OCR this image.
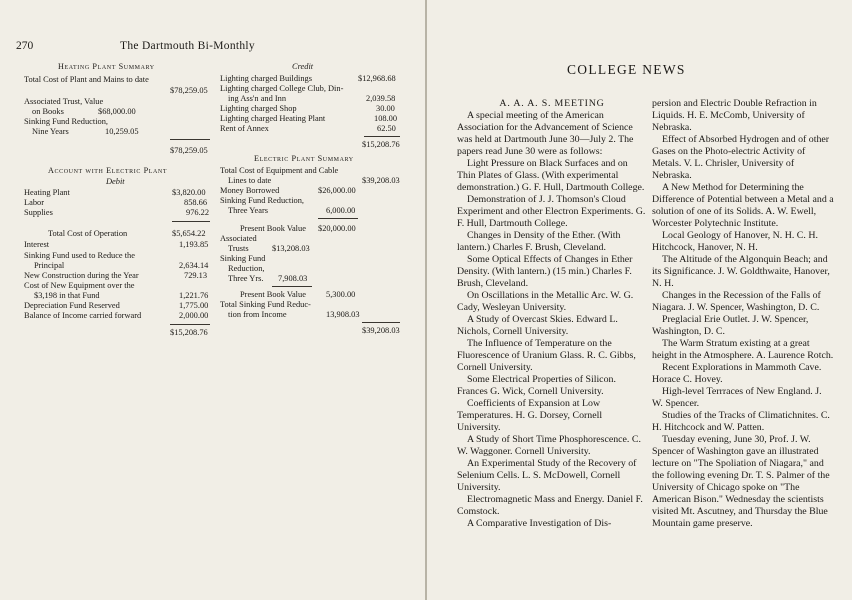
270	The Dartmouth Bi-Monthly
Heating Plant Summary
Total Cost of Plant and Mains to date
$78,259.05
Associated Trust, Value
on Books	$68,000.00
Sinking Fund Reduction,
Nine Years	10,259.05
$78,259.05
Account with Electric Plant
Debit
Heating Plant	$3,820.00
Labor	858.66
Supplies	976.22
Total Cost of Operation	$5,654.22
Interest	1,193.85
Sinking Fund used to Reduce the
Principal	2,634.14
New Construction during the Year	729.13
Cost of New Equipment over the
$3,198 in that Fund	1,221.76
Depreciation Fund Reserved	1,775.00
Balance of Income carried forward	2,000.00
$15,208.76
Credit
Lighting charged Buildings	$12,968.68
Lighting charged College Club, Din-
ing Ass'n and Inn	2,039.58
Lighting charged Shop	30.00
Lighting charged Heating Plant	108.00
Rent of Annex	62.50
$15,208.76
Electric Plant Summary
Total Cost of Equipment and Cable
Lines to date	$39,208.03
Money Borrowed	$26,000.00
Sinking Fund Reduction,
Three Years	6,000.00
Present Book Value $20,000.00
Associated
Trusts	$13,208.03
Sinking Fund
Reduction,
Three Yrs. 7,908.03
Present Book Value 5,300.00
Total Sinking Fund Reduc-
tion from Income	13,908.03
$39,208.03
COLLEGE NEWS

A. A. A. S. MEETING

A special meeting of the American Association for the Advancement of Science was held at Dartmouth June 30—July 2. The papers read June 30 were as follows:

Light Pressure on Black Surfaces and on Thin Plates of Glass. (With experimental demonstration.) G. F. Hull, Dartmouth College.

Demonstration of J. J. Thomson's Cloud Experiment and other Electron Experiments. G. F. Hull, Dartmouth College.

Changes in Density of the Ether. (With lantern.) Charles F. Brush, Cleveland.

Some Optical Effects of Changes in Ether Density. (With lantern.) (15 min.) Charles F. Brush, Cleveland.

On Oscillations in the Metallic Arc. W. G. Cady, Wesleyan University.

A Study of Overcast Skies. Edward L. Nichols, Cornell University.

The Influence of Temperature on the Fluorescence of Uranium Glass. R. C. Gibbs, Cornell University.

Some Electrical Properties of Silicon. Frances G. Wick, Cornell University.

Coefficients of Expansion at Low Temperatures. H. G. Dorsey, Cornell University.

A Study of Short Time Phosphorescence. C. W. Waggoner. Cornell University.

An Experimental Study of the Recovery of Selenium Cells. L. S. McDowell, Cornell University.

Electromagnetic Mass and Energy. Daniel F. Comstock.

A Comparative Investigation of Dis-

persion and Electric Double Refraction in Liquids. H. E. McComb, University of Nebraska.

Effect of Absorbed Hydrogen and of other Gases on the Photo-electric Activity of Metals. V. L. Chrisler, University of Nebraska.

A New Method for Determining the Difference of Potential between a Metal and a solution of one of its Solids. A. W. Ewell, Worcester Polytechnic Institute.

Local Geology of Hanover, N. H. C. H. Hitchcock, Hanover, N. H.

The Altitude of the Algonquin Beach; and its Significance. J. W. Goldthwaite, Hanover, N. H.

Changes in the Recession of the Falls of Niagara. J. W. Spencer, Washington, D. C.

Preglacial Erie Outlet. J. W. Spencer, Washington, D. C.

The Warm Stratum existing at a great height in the Atmosphere. A. Laurence Rotch.

Recent Explorations in Mammoth Cave. Horace C. Hovey.

High-level Terrraces of New England. J. W. Spencer.

Studies of the Tracks of Climatichnites. C. H. Hitchcock and W. Patten.

Tuesday evening, June 30, Prof. J. W. Spencer of Washington gave an illustrated lecture on "The Spoliation of Niagara," and the following evening Dr. T. S. Palmer of the University of Chicago spoke on "The American Bison." Wednesday the scientists visited Mt. Ascutney, and Thursday the Blue Mountain game preserve.
